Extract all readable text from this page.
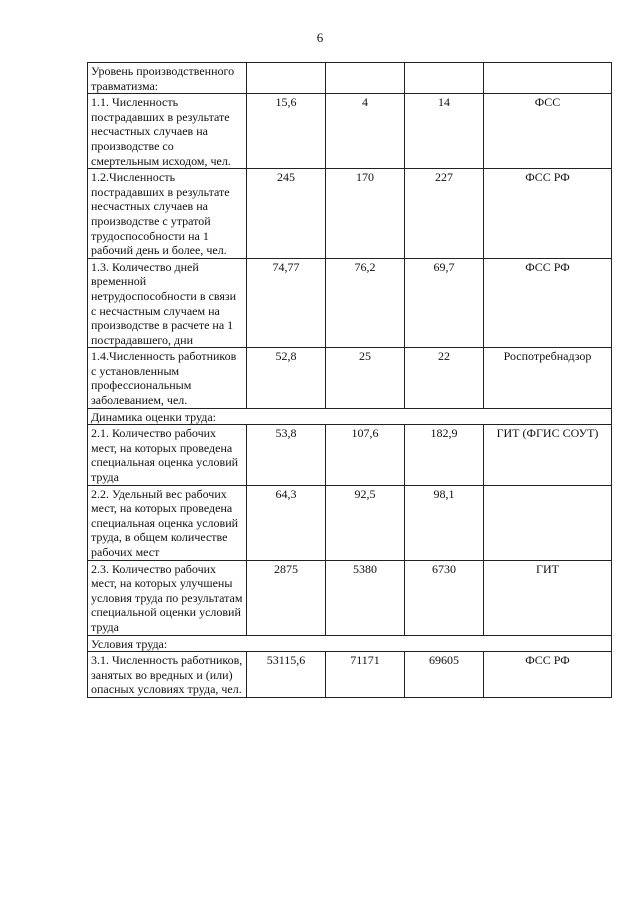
6
Уровень производственного травматизма:				
1.1. Численность пострадавших в результате несчастных случаев на производстве со смертельным исходом, чел.	15,6	4	14	ФСС
1.2.Численность пострадавших в результате несчастных случаев на производстве с утратой трудоспособности на 1 рабочий день и более, чел.	245	170	227	ФСС РФ
1.3. Количество дней временной нетрудоспособности в связи с несчастным случаем на производстве в расчете на 1 пострадавшего, дни	74,77	76,2	69,7	ФСС РФ
1.4.Численность работников с установленным профессиональным заболеванием, чел.	52,8	25	22	Роспотребнадзор
Динамика оценки труда:				
2.1. Количество рабочих мест, на которых проведена специальная оценка условий труда	53,8	107,6	182,9	ГИТ (ФГИС СОУТ)
2.2. Удельный вес рабочих мест, на которых проведена специальная оценка условий труда, в общем количестве рабочих мест	64,3	92,5	98,1	
2.3. Количество рабочих мест, на которых улучшены условия труда по результатам специальной оценки условий труда	2875	5380	6730	ГИТ
Условия труда:				
3.1. Численность работников, занятых во вредных и (или) опасных условиях труда, чел.	53115,6	71171	69605	ФСС РФ
